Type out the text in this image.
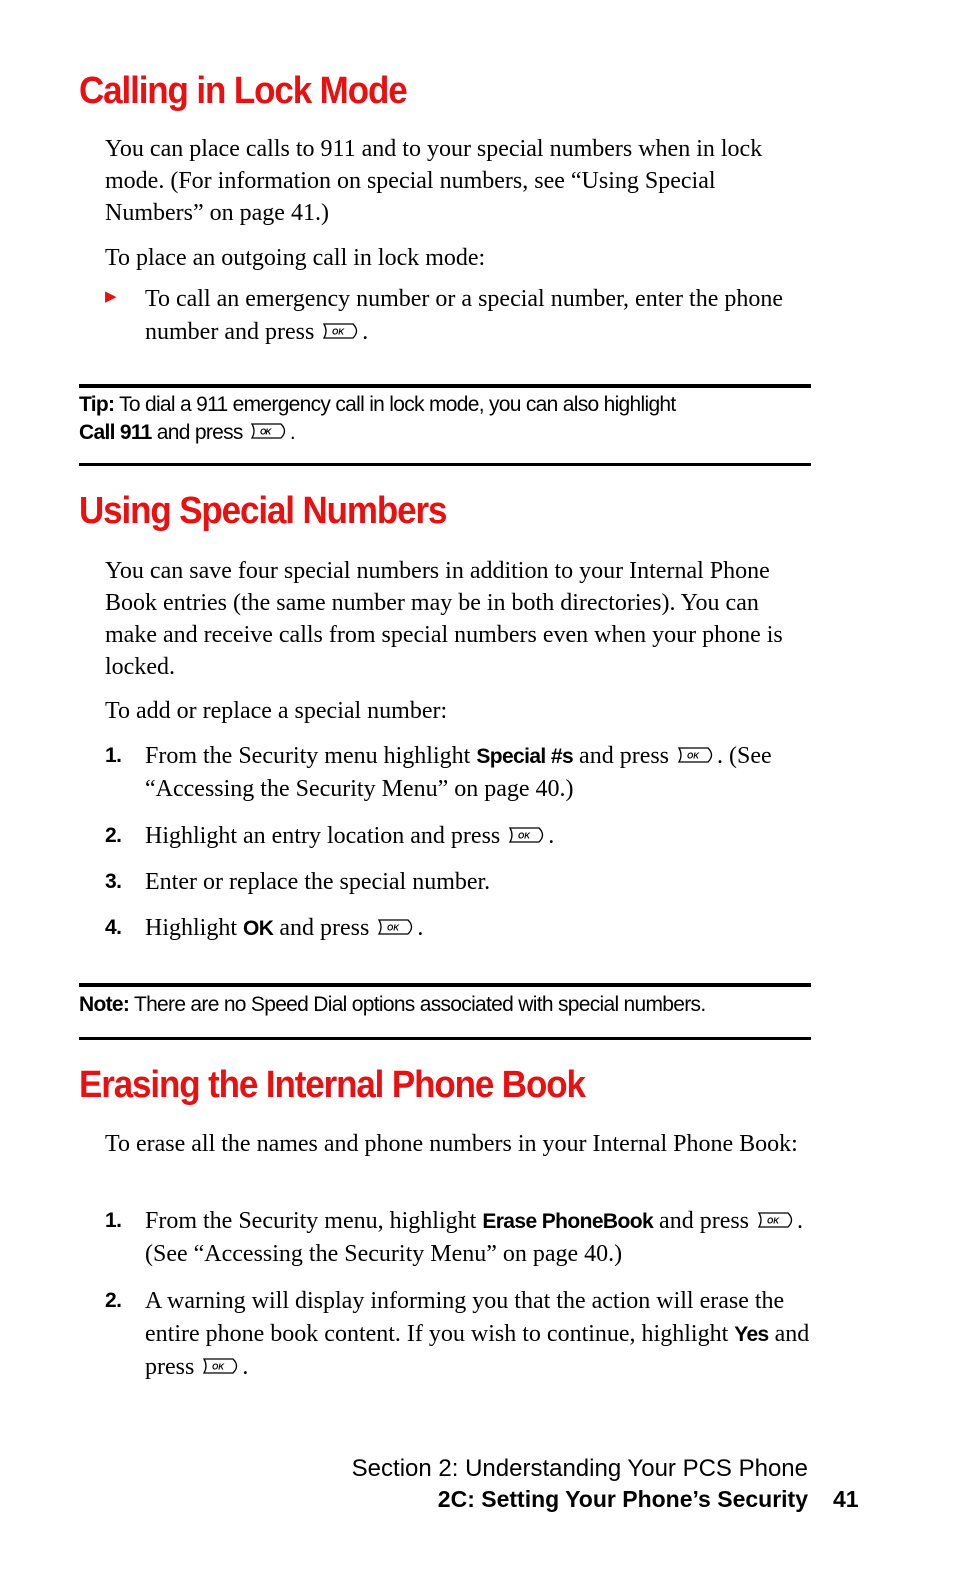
Calling in Lock Mode

You can place calls to 911 and to your special numbers when in lock mode. (For information on special numbers, see “Using Special Numbers” on page 41.)

To place an outgoing call in lock mode:

▶ To call an emergency number or a special number, enter the phone number and press OK .
Tip: To dial a 911 emergency call in lock mode, you can also highlight
Call 911 and press OK .
Using Special Numbers

You can save four special numbers in addition to your Internal Phone Book entries (the same number may be in both directories). You can make and receive calls from special numbers even when your phone is locked.

To add or replace a special number:

1. From the Security menu highlight Special #s and press OK . (See “Accessing the Security Menu” on page 40.)
2. Highlight an entry location and press OK .
3. Enter or replace the special number.
4. Highlight OK and press OK .
Note: There are no Speed Dial options associated with special numbers.
Erasing the Internal Phone Book

To erase all the names and phone numbers in your Internal Phone Book:

1. From the Security menu, highlight Erase PhoneBook and press OK . (See “Accessing the Security Menu” on page 40.)
2. A warning will display informing you that the action will erase the entire phone book content. If you wish to continue, highlight Yes and press OK .
Section 2: Understanding Your PCS Phone
2C: Setting Your Phone’s Security 41
